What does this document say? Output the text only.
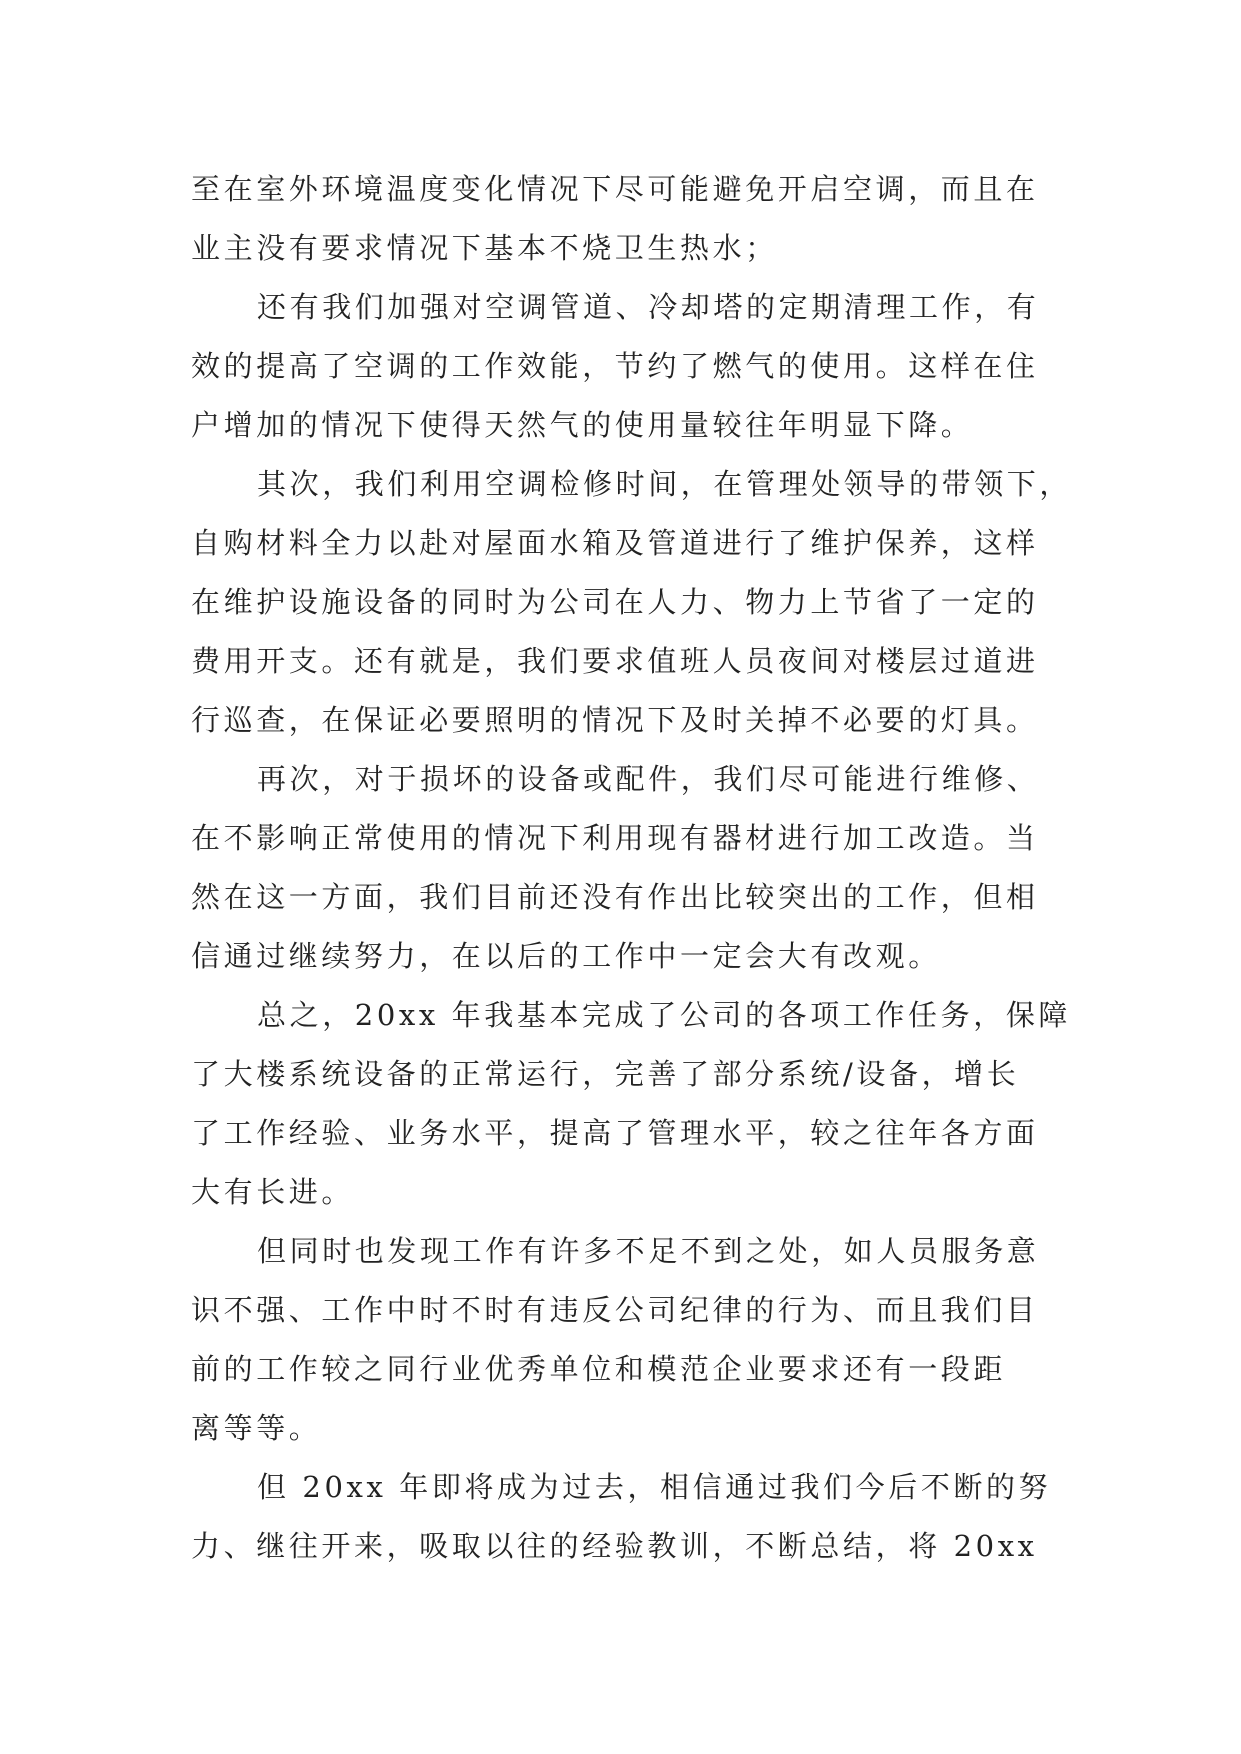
至在室外环境温度变化情况下尽可能避免开启空调，而且在
业主没有要求情况下基本不烧卫生热水；
还有我们加强对空调管道、冷却塔的定期清理工作，有
效的提高了空调的工作效能，节约了燃气的使用。这样在住
户增加的情况下使得天然气的使用量较往年明显下降。
其次，我们利用空调检修时间，在管理处领导的带领下，
自购材料全力以赴对屋面水箱及管道进行了维护保养，这样
在维护设施设备的同时为公司在人力、物力上节省了一定的
费用开支。还有就是，我们要求值班人员夜间对楼层过道进
行巡查，在保证必要照明的情况下及时关掉不必要的灯具。
再次，对于损坏的设备或配件，我们尽可能进行维修、
在不影响正常使用的情况下利用现有器材进行加工改造。当
然在这一方面，我们目前还没有作出比较突出的工作，但相
信通过继续努力，在以后的工作中一定会大有改观。
总之，20xx 年我基本完成了公司的各项工作任务，保障
了大楼系统设备的正常运行，完善了部分系统/设备，增长
了工作经验、业务水平，提高了管理水平，较之往年各方面
大有长进。
但同时也发现工作有许多不足不到之处，如人员服务意
识不强、工作中时不时有违反公司纪律的行为、而且我们目
前的工作较之同行业优秀单位和模范企业要求还有一段距
离等等。
但 20xx 年即将成为过去，相信通过我们今后不断的努
力、继往开来，吸取以往的经验教训，不断总结，将 20xx
